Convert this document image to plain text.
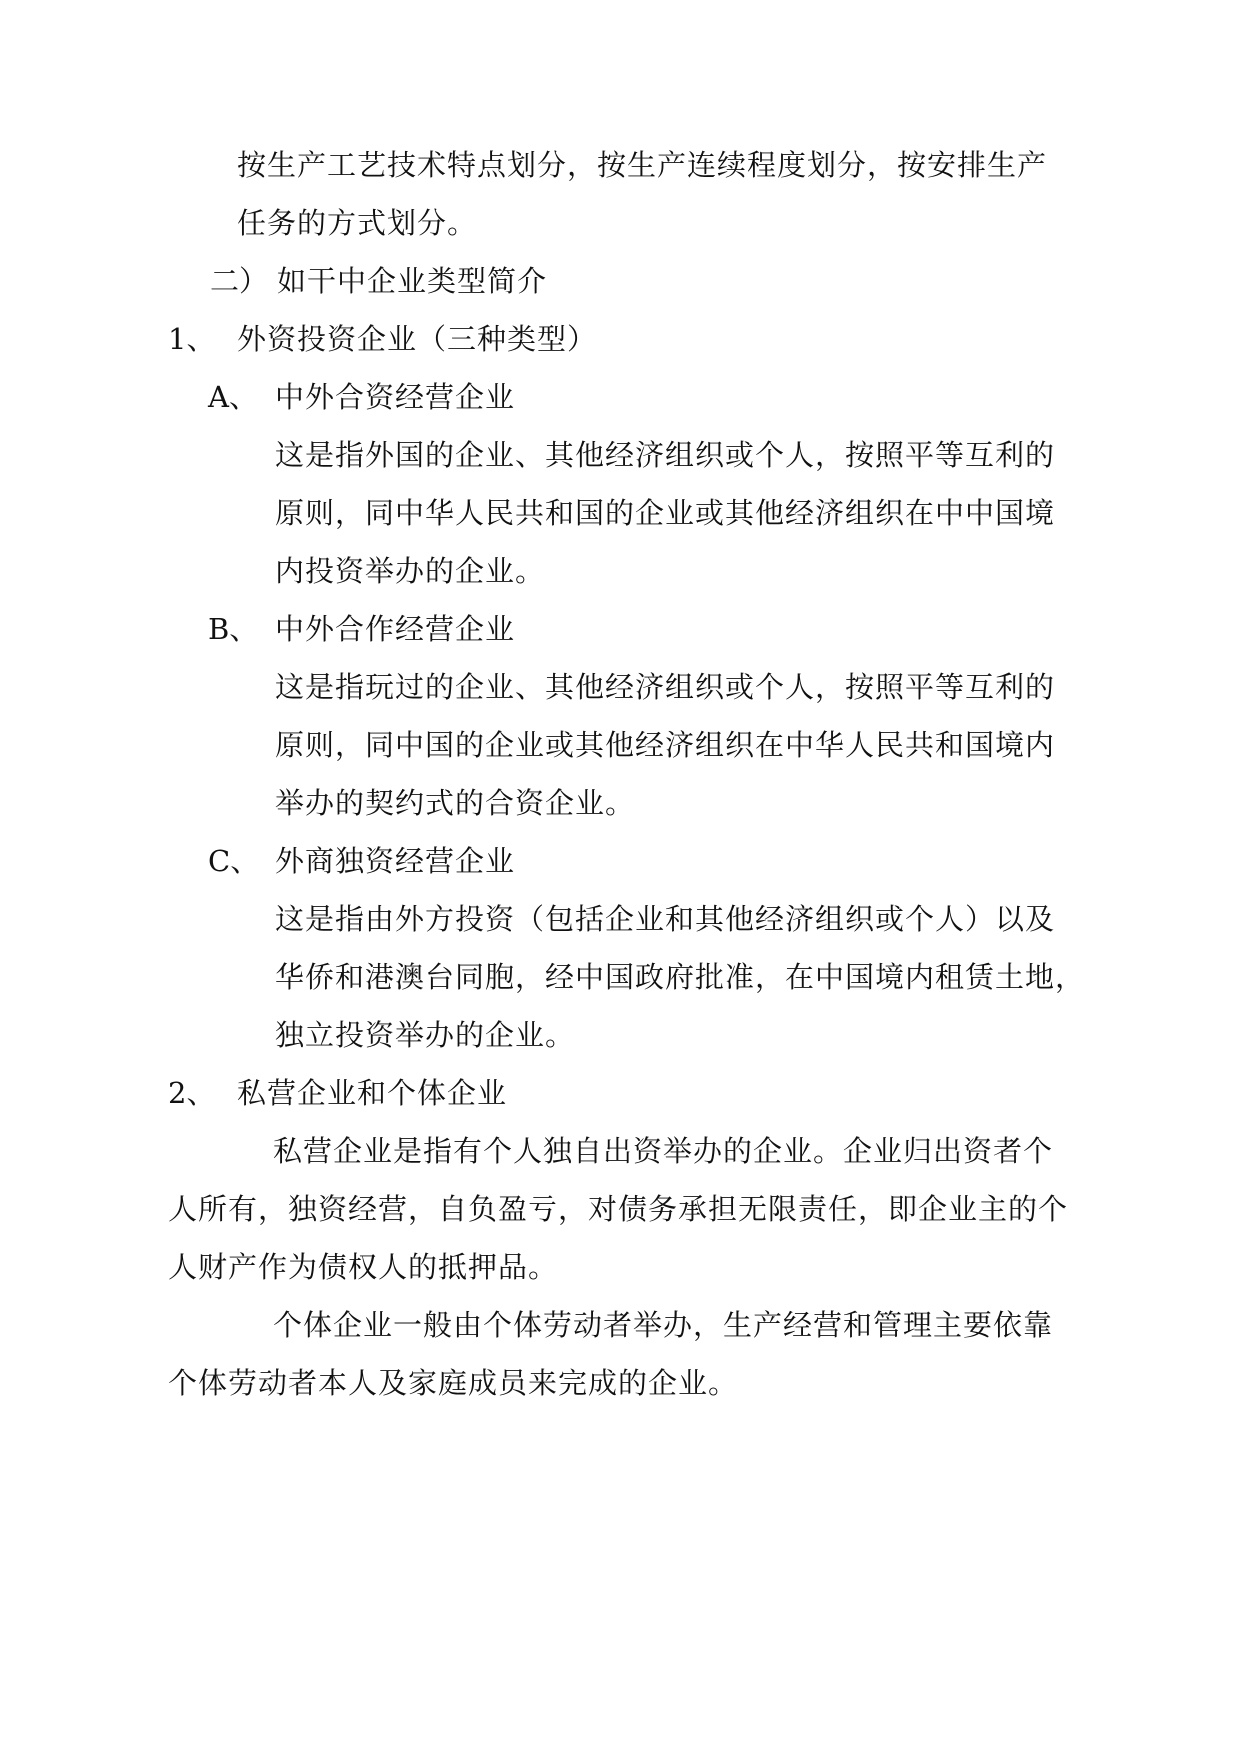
按生产工艺技术特点划分，按生产连续程度划分，按安排生产
任务的方式划分。
二） 如干中企业类型简介
1、 外资投资企业（三种类型）
A、 中外合资经营企业
这是指外国的企业、其他经济组织或个人，按照平等互利的
原则，同中华人民共和国的企业或其他经济组织在中中国境
内投资举办的企业。
B、 中外合作经营企业
这是指玩过的企业、其他经济组织或个人，按照平等互利的
原则，同中国的企业或其他经济组织在中华人民共和国境内
举办的契约式的合资企业。
C、 外商独资经营企业
这是指由外方投资（包括企业和其他经济组织或个人）以及
华侨和港澳台同胞，经中国政府批准，在中国境内租赁土地，
独立投资举办的企业。
2、 私营企业和个体企业
私营企业是指有个人独自出资举办的企业。企业归出资者个
人所有，独资经营，自负盈亏，对债务承担无限责任，即企业主的个
人财产作为债权人的抵押品。
个体企业一般由个体劳动者举办，生产经营和管理主要依靠
个体劳动者本人及家庭成员来完成的企业。
